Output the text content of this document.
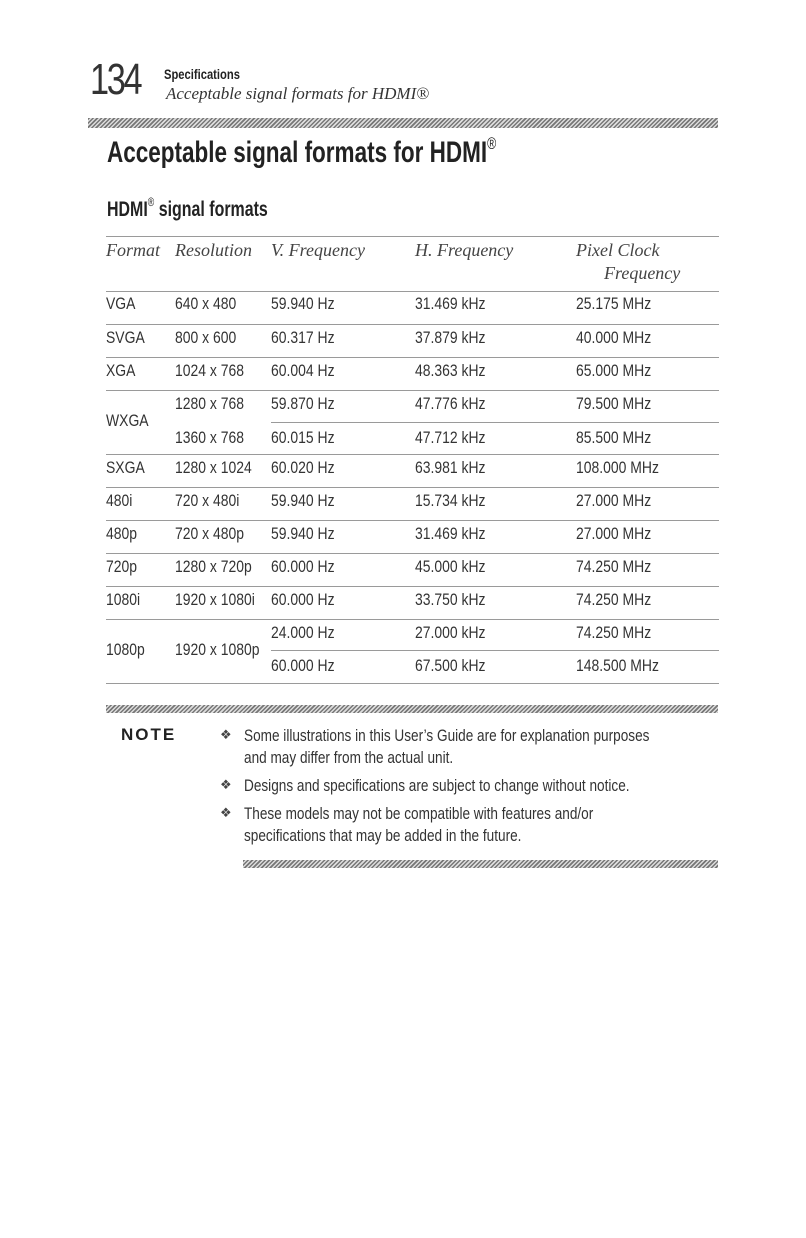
134 Specifications
Acceptable signal formats for HDMI®
Acceptable signal formats for HDMI®
HDMI® signal formats
Format Resolution V. Frequency	H. Frequency	Pixel Clock
Frequency
VGA 640 x 480 59.940 Hz	31.469 kHz	25.175 MHz
SVGA 800 x 600 60.317 Hz	37.879 kHz	40.000 MHz
XGA 1024 x 768 60.004 Hz	48.363 kHz	65.000 MHz
WXGA
1280 x 768 59.870 Hz	47.776 kHz	79.500 MHz
1360 x 768 60.015 Hz	47.712 kHz	85.500 MHz
SXGA 1280 x 1024 60.020 Hz	63.981 kHz	108.000 MHz
480i	720 x 480i 59.940 Hz	15.734 kHz	27.000 MHz
480p 720 x 480p 59.940 Hz	31.469 kHz	27.000 MHz
720p 1280 x 720p 60.000 Hz	45.000 kHz	74.250 MHz
1080i 1920 x 1080i 60.000 Hz	33.750 kHz	74.250 MHz
1080p 1920 x 1080p
24.000 Hz	27.000 kHz	74.250 MHz
60.000 Hz	67.500 kHz	148.500 MHz
NOTE	❖ Some illustrations in this User’s Guide are for explanation purposes
and may differ from the actual unit.
❖ Designs and specifications are subject to change without notice.
❖ These models may not be compatible with features and/or
specifications that may be added in the future.
